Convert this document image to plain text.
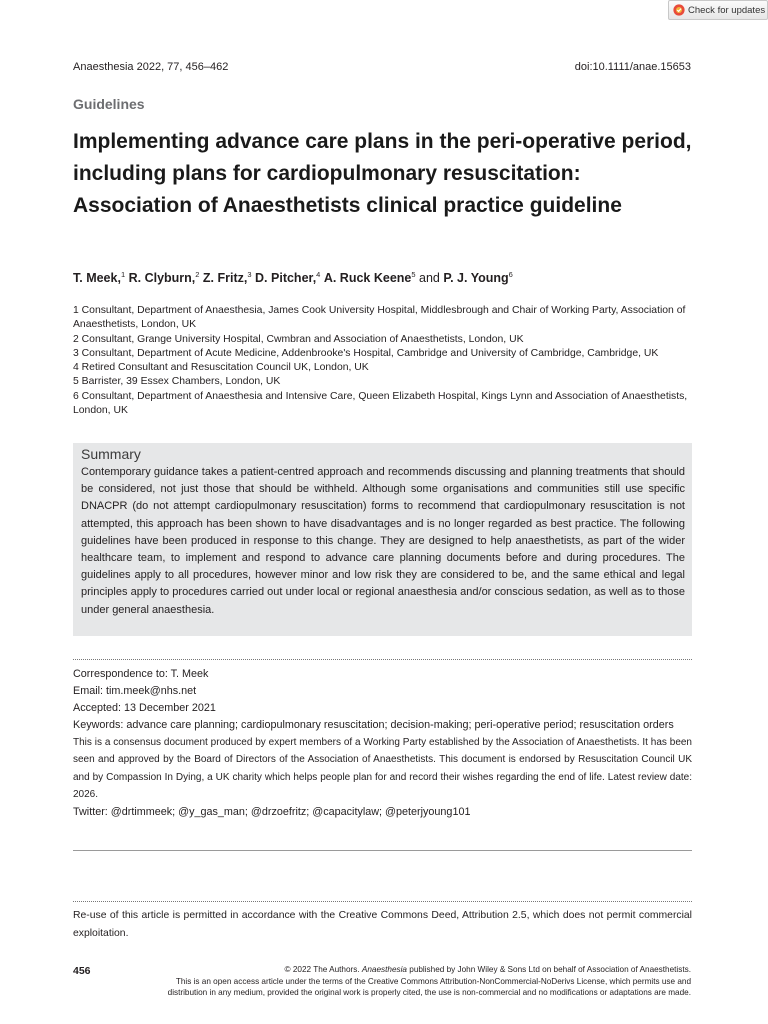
Check for updates
Anaesthesia 2022, 77, 456–462	doi:10.1111/anae.15653
Guidelines
Implementing advance care plans in the peri-operative period, including plans for cardiopulmonary resuscitation: Association of Anaesthetists clinical practice guideline
T. Meek,$^1$ R. Clyburn,$^2$ Z. Fritz,$^3$ D. Pitcher,$^4$ A. Ruck Keene$^5$ and P. J. Young$^6$
1 Consultant, Department of Anaesthesia, James Cook University Hospital, Middlesbrough and Chair of Working Party, Association of Anaesthetists, London, UK
2 Consultant, Grange University Hospital, Cwmbran and Association of Anaesthetists, London, UK
3 Consultant, Department of Acute Medicine, Addenbrooke's Hospital, Cambridge and University of Cambridge, Cambridge, UK
4 Retired Consultant and Resuscitation Council UK, London, UK
5 Barrister, 39 Essex Chambers, London, UK
6 Consultant, Department of Anaesthesia and Intensive Care, Queen Elizabeth Hospital, Kings Lynn and Association of Anaesthetists, London, UK
Summary
Contemporary guidance takes a patient-centred approach and recommends discussing and planning treatments that should be considered, not just those that should be withheld. Although some organisations and communities still use specific DNACPR (do not attempt cardiopulmonary resuscitation) forms to recommend that cardiopulmonary resuscitation is not attempted, this approach has been shown to have disadvantages and is no longer regarded as best practice. The following guidelines have been produced in response to this change. They are designed to help anaesthetists, as part of the wider healthcare team, to implement and respond to advance care planning documents before and during procedures. The guidelines apply to all procedures, however minor and low risk they are considered to be, and the same ethical and legal principles apply to procedures carried out under local or regional anaesthesia and/or conscious sedation, as well as to those under general anaesthesia.
Correspondence to: T. Meek
Email: tim.meek@nhs.net
Accepted: 13 December 2021
Keywords: advance care planning; cardiopulmonary resuscitation; decision-making; peri-operative period; resuscitation orders
This is a consensus document produced by expert members of a Working Party established by the Association of Anaesthetists. It has been seen and approved by the Board of Directors of the Association of Anaesthetists. This document is endorsed by Resuscitation Council UK and by Compassion In Dying, a UK charity which helps people plan for and record their wishes regarding the end of life. Latest review date: 2026.
Twitter: @drtimmeek; @y_gas_man; @drzoefritz; @capacitylaw; @peterjyoung101
Re-use of this article is permitted in accordance with the Creative Commons Deed, Attribution 2.5, which does not permit commercial exploitation.
456	© 2022 The Authors. Anaesthesia published by John Wiley & Sons Ltd on behalf of Association of Anaesthetists.
This is an open access article under the terms of the Creative Commons Attribution-NonCommercial-NoDerivs License, which permits use and
distribution in any medium, provided the original work is properly cited, the use is non-commercial and no modifications or adaptations are made.
